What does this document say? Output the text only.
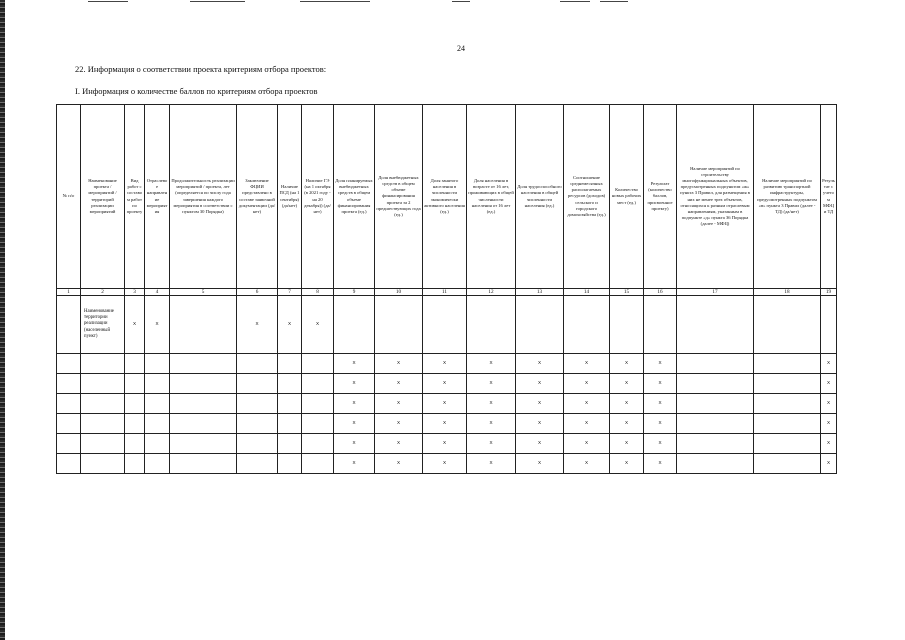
24
22. Информация о соответствии проекта критериям отбора проектов:
I. Информация о количестве баллов по критериям отбора проектов
№ п/о	Наименование проекта / мероприятий / территорий реализации мероприятий	Вид работ с составом работ по проекту	Отраслевое направление мероприятия	Продолжительность реализации мероприятий / проекта, лет (определяется по числу года завершения каждого мероприятия в соответствии с пунктом 30 Порядка)	Заключение ФЦИИ представлено в составе заявочной документации (да/нет)	Наличие ПСД (на 1 сентября) (да/нет)	Наличие ГЭ (на 1 октября (в 2021 году - на 20 декабря)) (да/нет)	Доля планируемых внебюджетных средств в общем объеме финансирования проекта (ед.)	Доля внебюджетных средств в общем объеме финансирования проекта за 2 предшествующих года (ед.)	Доля занятого населения в численности экономически активного населения (ед.)	Доля населения в возрасте от 16 лет, проживающих в общей численности населения от 16 лет (ед.)	Доля трудоспособного населения в общей численности населения (ед.)	Соотношение среднемесячных располагаемых ресурсов (доходов) сельского и городского домохозяйства (ед.)	Количество новых рабочих мест (ед.)	Результат (количество баллов, присвоенное проекту)	Наличие мероприятий по строительству многофункциональных объектов, предусмотренных подпунктом «ж» пункта 3 Правил, для размещения в них не менее трех объектов, относящихся к разным отраслевым направлениям, указанным в подпункте «д» пункта 36 Порядка (далее - МФЦ)	Наличие мероприятий по развитию транспортной инфраструктуры, предусмотренных подпунктом «в» пункта 3 Правил (далее - ТД) (да/нет)	Результат с учетом МФЦ и ТД
1	2	3	4	5	6	7	8	9	10	11	12	13	14	15	16	17	18	19
	Наименование территории реализации (населенный пункт)	X	X		X	X	X											
								X	X	X	X	X	X	X	X			X
								X	X	X	X	X	X	X	X			X
								X	X	X	X	X	X	X	X			X
								X	X	X	X	X	X	X	X			X
								X	X	X	X	X	X	X	X			X
								X	X	X	X	X	X	X	X			X
